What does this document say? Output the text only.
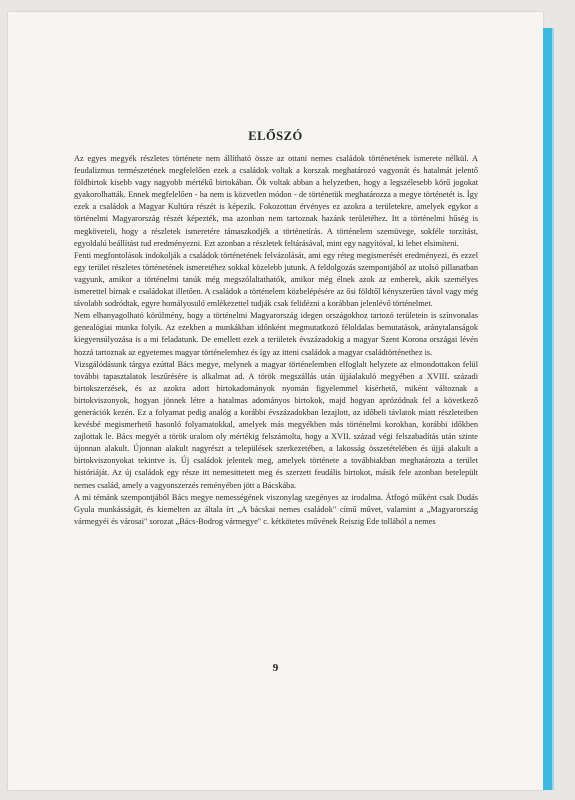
ELŐSZÓ

Az egyes megyék részletes története nem állítható össze az ottani nemes családok történetének ismerete nélkül. A feudalizmus természetének megfelelően ezek a családok voltak a korszak meghatározó vagyonát és hatalmát jelentő földbirtok kisebb vagy nagyobb mértékű birtokában. Ők voltak abban a helyzetben, hogy a legszélesebb körű jogokat gyakorolhatták. Ennek megfelelően - ha nem is közvetlen módon - de történetük meghatározza a megye történetét is. Így ezek a családok a Magyar Kultúra részét is képezik. Fokozottan érvényes ez azokra a területekre, amelyek egykor a történelmi Magyarország részét képezték, ma azonban nem tartoznak hazánk területéhez. Itt a történelmi hűség is megköveteli, hogy a részletek ismeretére támaszkodjék a történetírás. A történelem szemüvege, sokféle torzítást, egyoldalú beállítást tud eredményezni. Ezt azonban a részletek feltárásával, mint egy nagyítóval, ki lehet elsimíteni.

Fenti megfontolások indokolják a családok történetének felvázolását, ami egy réteg megismerését eredményezi, és ezzel egy terület részletes történetének ismeretéhez sokkal közelebb jutunk. A feldolgozás szempontjából az utolsó pillanatban vagyunk, amikor a történelmi tanúk még megszólaltathatók, amikor még élnek azok az emberek, akik személyes ismerettel bírnak e családokat illetően. A családok a történelem közbelépésére az ősi földtől kényszerűen távol vagy még távolabb sodródtak, egyre homályosuló emlékezettel tudják csak felidézni a korábban jelenlévő történelmet.

Nem elhanyagolható körülmény, hogy a történelmi Magyarország idegen országokhoz tartozó területein is színvonalas genealógiai munka folyik. Az ezekben a munkákban időnként megmutatkozó féloldalas bemutatások, aránytalanságok kiegyensúlyozása is a mi feladatunk. De emellett ezek a területek évszázadokig a magyar Szent Korona országai lévén hozzá tartoznak az egyetemes magyar történelemhez és így az itteni családok a magyar családtörténethez is.

Vizsgálódásunk tárgya ezúttal Bács megye, melynek a magyar történelemben elfoglalt helyzete az elmondottakon felül további tapasztalatok leszűrésére is alkalmat ad. A török megszállás után újjáalakuló megyében a XVIII. századi birtokszerzések, és az azokra adott birtokadományok nyomán figyelemmel kísérhető, miként változnak a birtokviszonyok, hogyan jönnek létre a hatalmas adományos birtokok, majd hogyan aprózódnak fel a következő generációk kezén. Ez a folyamat pedig analóg a korábbi évszázadokban lezajlott, az időbeli távlatok miatt részleteiben kevésbé megismerhető hasonló folyamatokkal, amelyek más megyékben más történelmi korokban, korábbi időkben zajlottak le. Bács megyét a török uralom oly mértékig felszámolta, hogy a XVII. század végi felszabadítás után szinte újonnan alakult. Újonnan alakult nagyrészt a települések szerkezetében, a lakosság összetételében és újjá alakult a birtokviszonyokat tekintve is. Új családok jelentek meg, amelyek története a továbbiakban meghatározta a terület históriáját. Az új családok egy része itt nemesittetett meg és szerzett feudális birtokot, másik fele azonban betelepült nemes család, amely a vagyonszerzés reményében jött a Bácskába.

A mi témánk szempontjából Bács megye nemességének viszonylag szegényes az irodalma. Átfogó műként csak Dudás Gyula munkásságát, és kiemelten az általa írt „A bácskai nemes családok" című művet, valamint a „Magyarország vármegyéi és városai" sorozat „Bács-Bodrog vármegye" c. kétkötetes művének Reiszig Ede tollából a nemes

9
